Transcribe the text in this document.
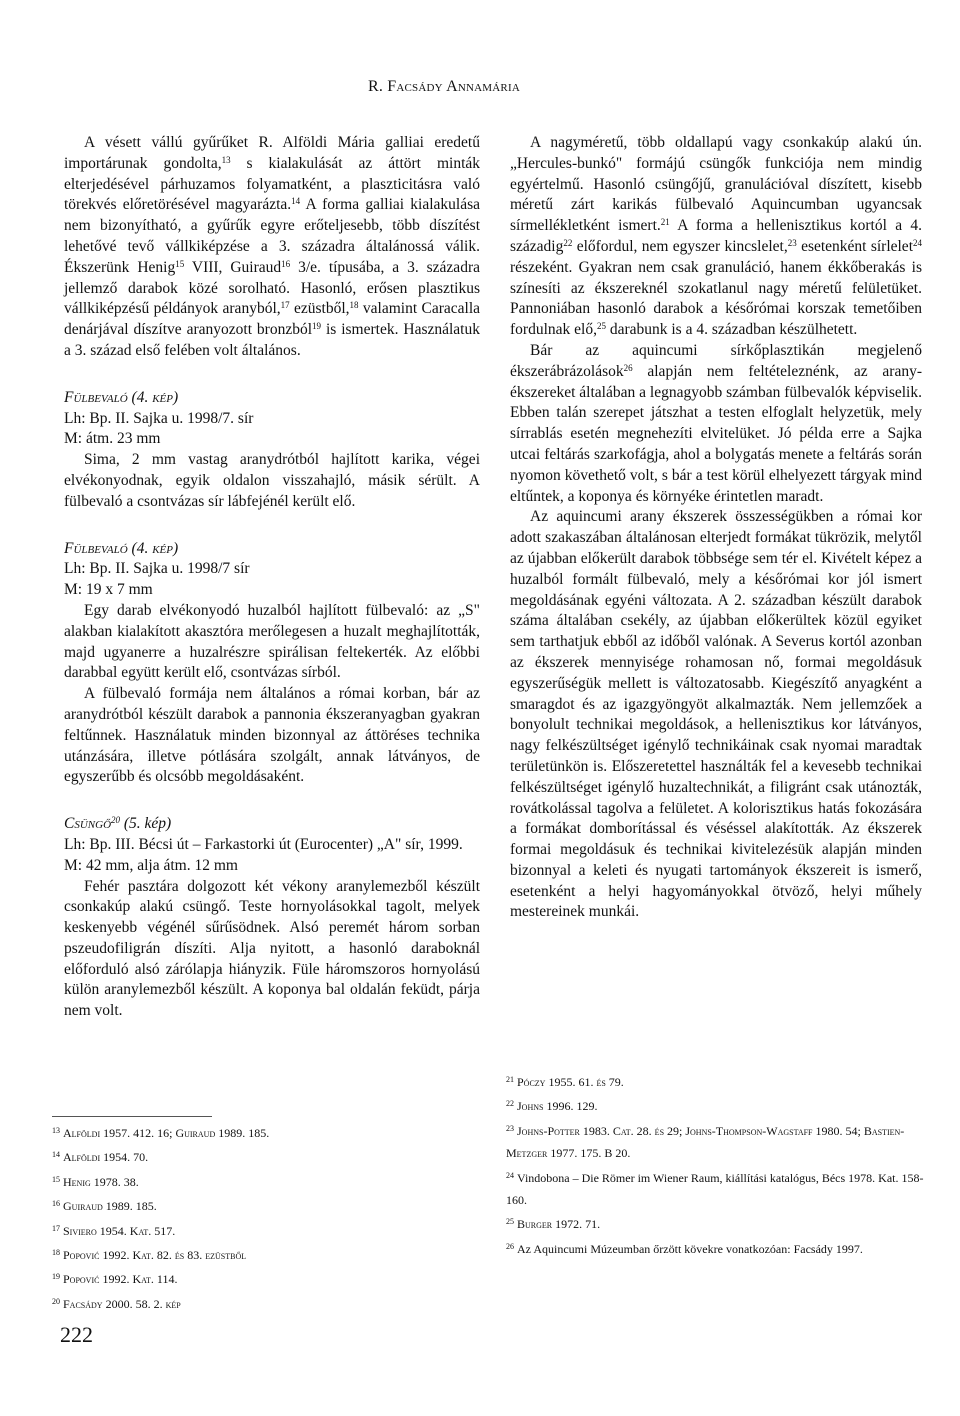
R. Facsády Annamária

A vésett vállú gyűrűket R. Alföldi Mária galliai eredetű importárunak gondolta,$^{13}$ s kialakulását az áttört minták elterjedésével párhuzamos folyamatként, a plaszticitásra való törekvés előretörésével magyarázta.$^{14}$ A forma galliai kialakulása nem bizonyítható, a gyűrűk egyre erőteljesebb, több díszítést lehetővé tevő vállkiképzése a 3. századra általánossá válik. Ékszerünk Henig$^{15}$ VIII, Guiraud$^{16}$ 3/e. típusába, a 3. századra jellemző darabok közé sorolható. Hasonló, erősen plasztikus vállkiképzésű példányok aranyból,$^{17}$ ezüstből,$^{18}$ valamint Caracalla denárjával díszítve aranyozott bronzból$^{19}$ is ismertek. Használatuk a 3. század első felében volt általános.

Fülbevaló (4. kép)

Lh: Bp. II. Sajka u. 1998/7. sír

M: átm. 23 mm

Sima, 2 mm vastag aranydrótból hajlított karika, végei elvékonyodnak, egyik oldalon visszahajló, másik sérült. A fülbevaló a csontvázas sír lábfejénél került elő.

Fülbevaló (4. kép)

Lh: Bp. II. Sajka u. 1998/7 sír

M: 19 x 7 mm

Egy darab elvékonyodó huzalból hajlított fülbevaló: az „S" alakban kialakított akasztóra merőlegesen a huzalt meghajlították, majd ugyanerre a huzalrészre spirálisan feltekerték. Az előbbi darabbal együtt került elő, csontvázas sírból.

A fülbevaló formája nem általános a római korban, bár az aranydrótból készült darabok a pannonia ékszeranyagban gyakran feltűnnek. Használatuk minden bizonnyal az áttöréses technika utánzására, illetve pótlására szolgált, annak látványos, de egyszerűbb és olcsóbb megoldásaként.

Csüngő$^{20}$ (5. kép)

Lh: Bp. III. Bécsi út – Farkastorki út (Eurocenter) „A" sír, 1999.

M: 42 mm, alja átm. 12 mm

Fehér pasztára dolgozott két vékony aranylemezből készült csonkakúp alakú csüngő. Teste hornyolásokkal tagolt, melyek keskenyebb végénél sűrűsödnek. Alsó peremét három sorban pszeudofiligrán díszíti. Alja nyitott, a hasonló daraboknál előforduló alsó zárólapja hiányzik. Füle háromszoros hornyolású külön aranylemezből készült. A koponya bal oldalán feküdt, párja nem volt.

A nagyméretű, több oldallapú vagy csonkakúp alakú ún. „Hercules-bunkó" formájú csüngők funkciója nem mindig egyértelmű. Hasonló csüngőjű, granulációval díszített, kisebb méretű zárt karikás fülbevaló Aquincumban ugyancsak sírmellékletként ismert.$^{21}$ A forma a hellenisztikus kortól a 4. századig$^{22}$ előfordul, nem egyszer kincslelet,$^{23}$ esetenként sírlelet$^{24}$ részeként. Gyakran nem csak granuláció, hanem ékkőberakás is színesíti az ékszereknél szokatlanul nagy méretű felületüket. Pannoniában hasonló darabok a későrómai korszak temetőiben fordulnak elő,$^{25}$ darabunk is a 4. században készülhetett.

Bár az aquincumi sírkőplasztikán megjelenő ékszerábrázolások$^{26}$ alapján nem feltételeznénk, az arany-ékszereket általában a legnagyobb számban fülbevalók képviselik. Ebben talán szerepet játszhat a testen elfoglalt helyzetük, mely sírrablás esetén megnehezíti elvitelüket. Jó példa erre a Sajka utcai feltárás szarkofágja, ahol a bolygatás menete a feltárás során nyomon követhető volt, s bár a test körül elhelyezett tárgyak mind eltűntek, a koponya és környéke érintetlen maradt.

Az aquincumi arany ékszerek összességükben a római kor adott szakaszában általánosan elterjedt formákat tükrözik, melytől az újabban előkerült darabok többsége sem tér el. Kivételt képez a huzalból formált fülbevaló, mely a későrómai kor jól ismert megoldásának egyéni változata. A 2. században készült darabok száma általában csekély, az újabban előkerültek közül egyiket sem tarthatjuk ebből az időből valónak. A Severus kortól azonban az ékszerek mennyisége rohamosan nő, formai megoldásuk egyszerűségük mellett is változatosabb. Kiegészítő anyagként a smaragdot és az igazgyöngyöt alkalmazták. Nem jellemzőek a bonyolult technikai megoldások, a hellenisztikus kor látványos, nagy felkészültséget igénylő technikáinak csak nyomai maradtak területünkön is. Előszeretettel használták fel a kevesebb technikai felkészültséget igénylő huzaltechnikát, a filigránt csak utánozták, rovátkolással tagolva a felületet. A kolorisztikus hatás fokozására a formákat domborítással és véséssel alakították. Az ékszerek formai megoldásuk és technikai kivitelezésük alapján minden bizonnyal a keleti és nyugati tartományok ékszereit is ismerő, esetenként a helyi hagyományokkal ötvöző, helyi műhely mestereinek munkái.

$^{13}$ Alföldi 1957. 412. 16; Guiraud 1989. 185.
$^{14}$ Alföldi 1954. 70.
$^{15}$ Henig 1978. 38.
$^{16}$ Guiraud 1989. 185.
$^{17}$ Siviero 1954. Kat. 517.
$^{18}$ Popović 1992. Kat. 82. és 83. ezüstből
$^{19}$ Popović 1992. Kat. 114.
$^{20}$ Facsády 2000. 58. 2. kép
$^{21}$ Póczy 1955. 61. és 79.
$^{22}$ Johns 1996. 129.
$^{23}$ Johns-Potter 1983. Cat. 28. és 29; Johns-Thompson-Wagstaff 1980. 54; Bastien-Metzger 1977. 175. B 20.
$^{24}$ Vindobona – Die Römer im Wiener Raum, kiállítási katalógus, Bécs 1978. Kat. 158-160.
$^{25}$ Burger 1972. 71.
$^{26}$ Az Aquincumi Múzeumban őrzött kövekre vonatkozóan: Facsády 1997.
222
